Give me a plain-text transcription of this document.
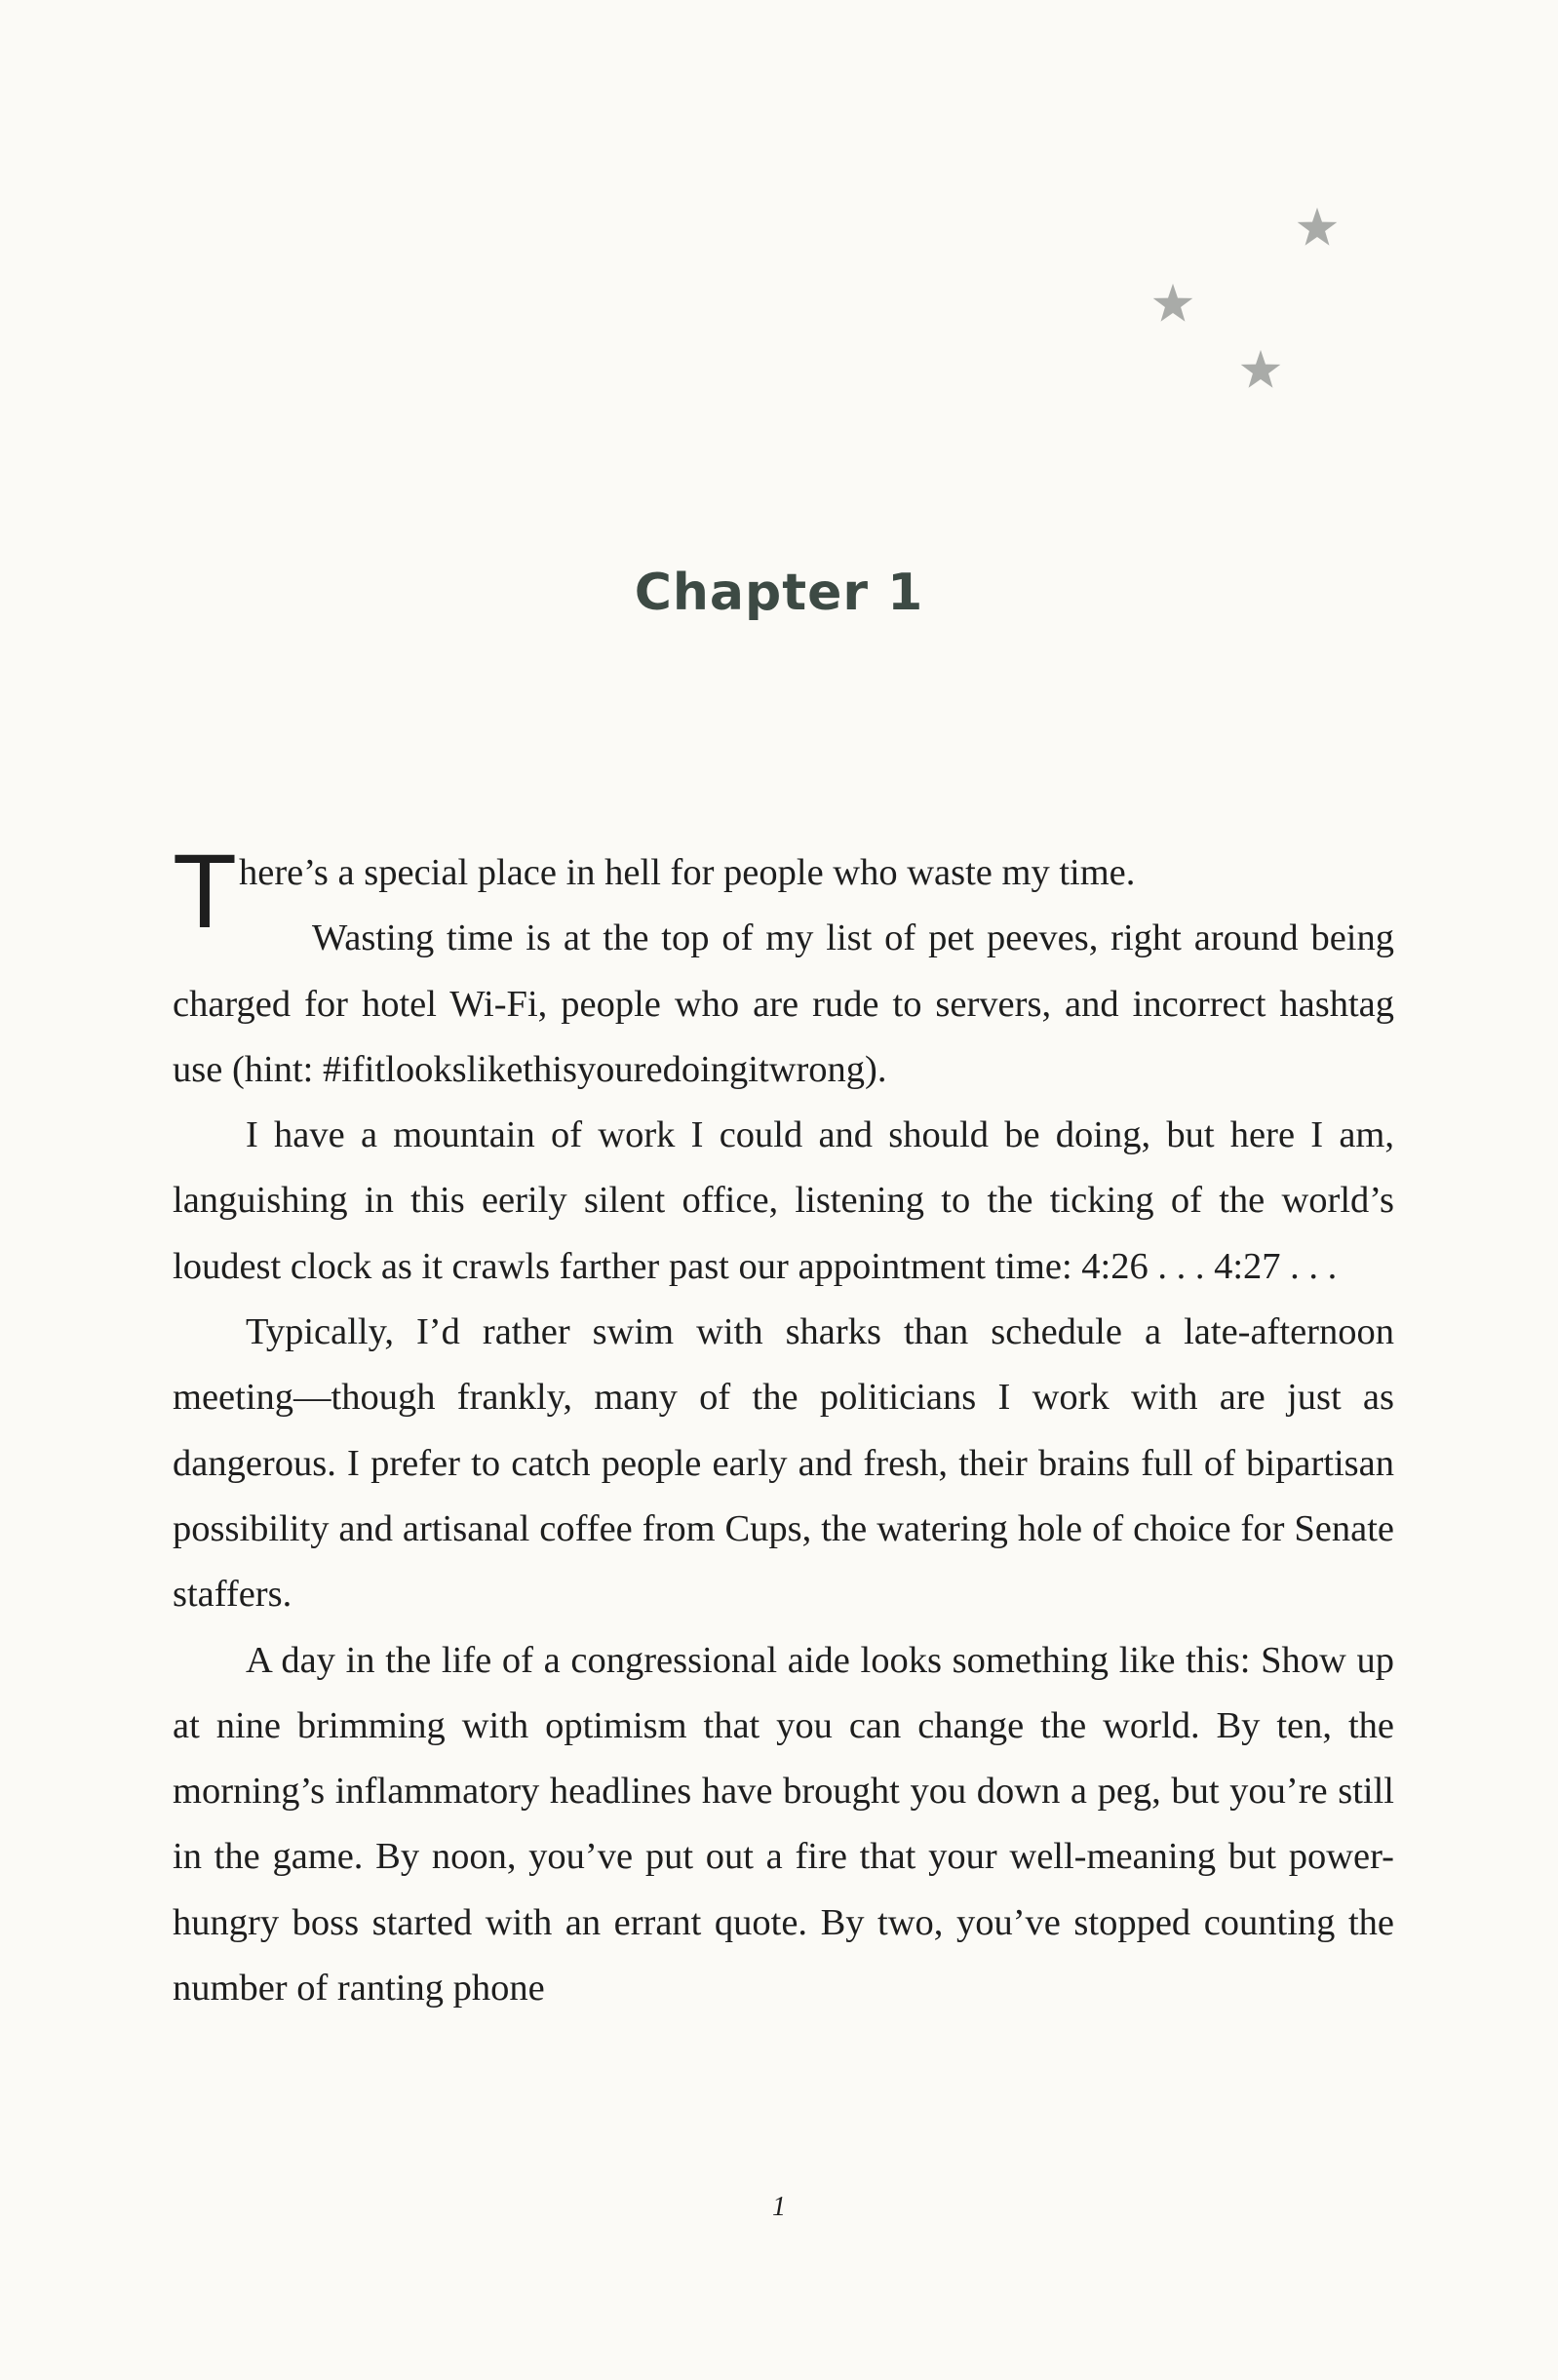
Chapter 1

There’s a special place in hell for people who waste my time.

Wasting time is at the top of my list of pet peeves, right around being charged for hotel Wi-Fi, people who are rude to servers, and incorrect hashtag use (hint: #ifitlookslikethisyouredoingitwrong).

I have a mountain of work I could and should be doing, but here I am, languishing in this eerily silent office, listening to the ticking of the world’s loudest clock as it crawls farther past our appointment time: 4:26 . . . 4:27 . . .

Typically, I’d rather swim with sharks than schedule a late-afternoon meeting—though frankly, many of the politicians I work with are just as dangerous. I prefer to catch people early and fresh, their brains full of bipartisan possibility and artisanal coffee from Cups, the watering hole of choice for Senate staffers.

A day in the life of a congressional aide looks something like this: Show up at nine brimming with optimism that you can change the world. By ten, the morning’s inflammatory headlines have brought you down a peg, but you’re still in the game. By noon, you’ve put out a fire that your well-meaning but power-hungry boss started with an errant quote. By two, you’ve stopped counting the number of ranting phone

1
